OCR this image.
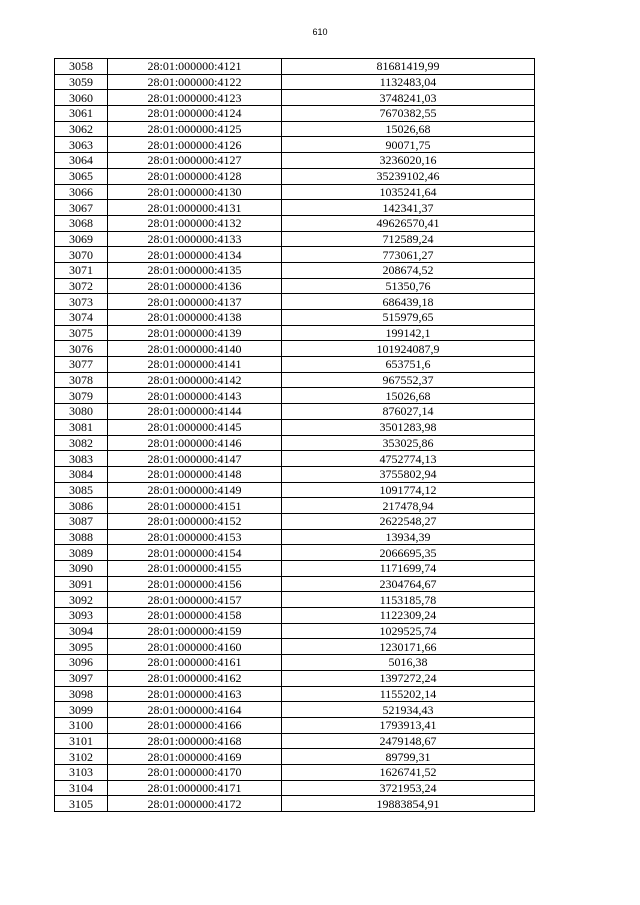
610
3058	28:01:000000:4121	81681419,99
3059	28:01:000000:4122	1132483,04
3060	28:01:000000:4123	3748241,03
3061	28:01:000000:4124	7670382,55
3062	28:01:000000:4125	15026,68
3063	28:01:000000:4126	90071,75
3064	28:01:000000:4127	3236020,16
3065	28:01:000000:4128	35239102,46
3066	28:01:000000:4130	1035241,64
3067	28:01:000000:4131	142341,37
3068	28:01:000000:4132	49626570,41
3069	28:01:000000:4133	712589,24
3070	28:01:000000:4134	773061,27
3071	28:01:000000:4135	208674,52
3072	28:01:000000:4136	51350,76
3073	28:01:000000:4137	686439,18
3074	28:01:000000:4138	515979,65
3075	28:01:000000:4139	199142,1
3076	28:01:000000:4140	101924087,9
3077	28:01:000000:4141	653751,6
3078	28:01:000000:4142	967552,37
3079	28:01:000000:4143	15026,68
3080	28:01:000000:4144	876027,14
3081	28:01:000000:4145	3501283,98
3082	28:01:000000:4146	353025,86
3083	28:01:000000:4147	4752774,13
3084	28:01:000000:4148	3755802,94
3085	28:01:000000:4149	1091774,12
3086	28:01:000000:4151	217478,94
3087	28:01:000000:4152	2622548,27
3088	28:01:000000:4153	13934,39
3089	28:01:000000:4154	2066695,35
3090	28:01:000000:4155	1171699,74
3091	28:01:000000:4156	2304764,67
3092	28:01:000000:4157	1153185,78
3093	28:01:000000:4158	1122309,24
3094	28:01:000000:4159	1029525,74
3095	28:01:000000:4160	1230171,66
3096	28:01:000000:4161	5016,38
3097	28:01:000000:4162	1397272,24
3098	28:01:000000:4163	1155202,14
3099	28:01:000000:4164	521934,43
3100	28:01:000000:4166	1793913,41
3101	28:01:000000:4168	2479148,67
3102	28:01:000000:4169	89799,31
3103	28:01:000000:4170	1626741,52
3104	28:01:000000:4171	3721953,24
3105	28:01:000000:4172	19883854,91
